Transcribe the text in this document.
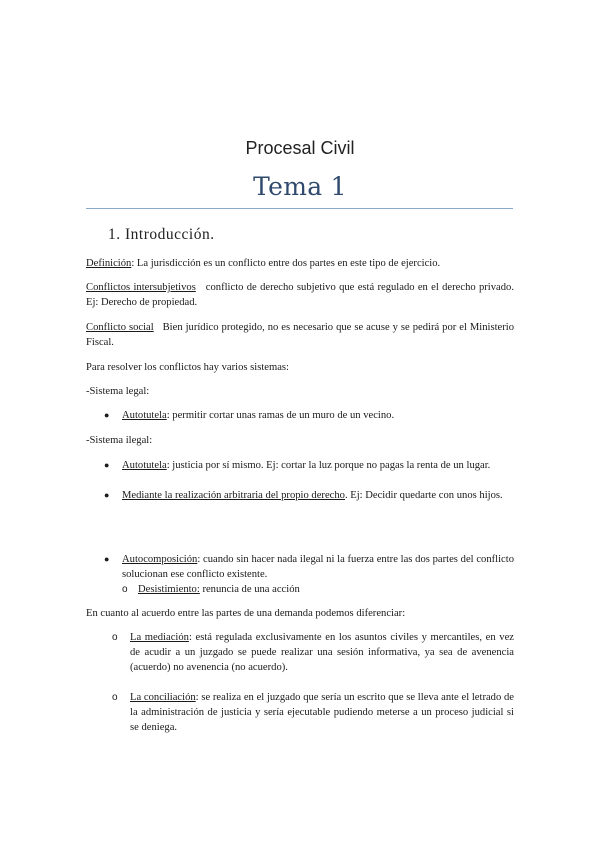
Procesal Civil
Tema 1
1. Introducción.
Definición: La jurisdicción es un conflicto entre dos partes en este tipo de ejercicio.
Conflictos intersubjetivos   conflicto de derecho subjetivo que está regulado en el derecho privado. Ej: Derecho de propiedad.
Conflicto social   Bien jurídico protegido, no es necesario que se acuse y se pedirá por el Ministerio Fiscal.
Para resolver los conflictos hay varios sistemas:
-Sistema legal:
● Autotutela: permitir cortar unas ramas de un muro de un vecino.
-Sistema ilegal:
● Autotutela: justicia por sí mismo. Ej: cortar la luz porque no pagas la renta de un lugar.
● Mediante la realización arbitraria del propio derecho. Ej: Decidir quedarte con unos hijos.
● Autocomposición: cuando sin hacer nada ilegal ni la fuerza entre las dos partes del conflicto solucionan ese conflicto existente.
o Desistimiento: renuncia de una acción
En cuanto al acuerdo entre las partes de una demanda podemos diferenciar:
o La mediación: está regulada exclusivamente en los asuntos civiles y mercantiles, en vez de acudir a un juzgado se puede realizar una sesión informativa, ya sea de avenencia (acuerdo) no avenencia (no acuerdo).
o La conciliación: se realiza en el juzgado que sería un escrito que se lleva ante el letrado de la administración de justicia y sería ejecutable pudiendo meterse a un proceso judicial si se deniega.
